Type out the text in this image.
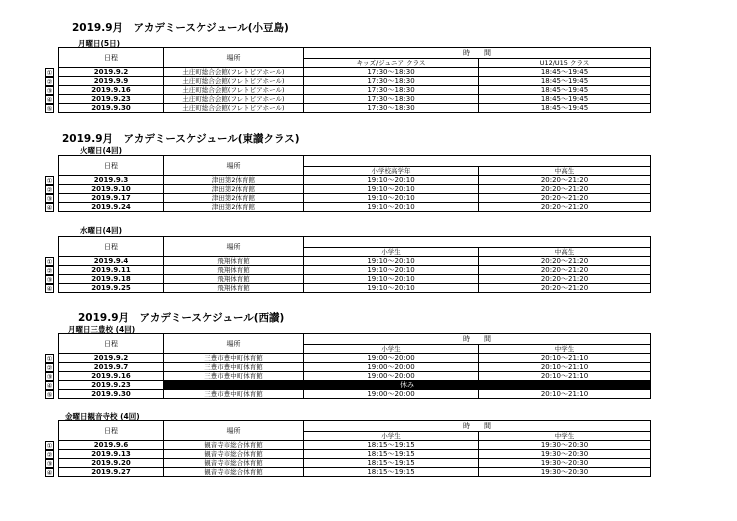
2019.9月　アカデミースケジュール(小豆島)
月曜日(5日)
2019.9月　アカデミースケジュール(東讃クラス)
火曜日(4回)
水曜日(4回)
2019.9月　アカデミースケジュール(西讃)
月曜日三豊校 (4回)
金曜日観音寺校 (4回)
①
②
③
④
⑤
日程	場所	時　　間	
		キッズ/ジュニア クラス	U12/U15 クラス
2019.9.2	土庄町総合会館(フレトピアホール)	17:30～18:30	18:45～19:45
2019.9.9	土庄町総合会館(フレトピアホール)	17:30～18:30	18:45～19:45
2019.9.16	土庄町総合会館(フレトピアホール)	17:30～18:30	18:45～19:45
2019.9.23	土庄町総合会館(フレトピアホール)	17:30～18:30	18:45～19:45
2019.9.30	土庄町総合会館(フレトピアホール)	17:30～18:30	18:45～19:45
①
②
③
④
日程	場所		
		小学校高学年	中高生
2019.9.3	津田第2体育館	19:10～20:10	20:20～21:20
2019.9.10	津田第2体育館	19:10～20:10	20:20～21:20
2019.9.17	津田第2体育館	19:10～20:10	20:20～21:20
2019.9.24	津田第2体育館	19:10～20:10	20:20～21:20
①
②
③
④
日程	場所		
		小学生	中高生
2019.9.4	飛翔体育館	19:10～20:10	20:20～21:20
2019.9.11	飛翔体育館	19:10～20:10	20:20～21:20
2019.9.18	飛翔体育館	19:10～20:10	20:20～21:20
2019.9.25	飛翔体育館	19:10～20:10	20:20～21:20
①
②
③
④
⑤
日程	場所	時　　間	
		小学生	中学生
2019.9.2	三豊市豊中町体育館	19:00～20:00	20:10～21:10
2019.9.7	三豊市豊中町体育館	19:00～20:00	20:10～21:10
2019.9.16	三豊市豊中町体育館	19:00～20:00	20:10～21:10
2019.9.23	休み		
2019.9.30	三豊市豊中町体育館	19:00～20:00	20:10～21:10
①
②
③
④
日程	場所	時　　間	
		小学生	中学生
2019.9.6	観音寺市総合体育館	18:15～19:15	19:30～20:30
2019.9.13	観音寺市総合体育館	18:15～19:15	19:30～20:30
2019.9.20	観音寺市総合体育館	18:15～19:15	19:30～20:30
2019.9.27	観音寺市総合体育館	18:15～19:15	19:30～20:30
